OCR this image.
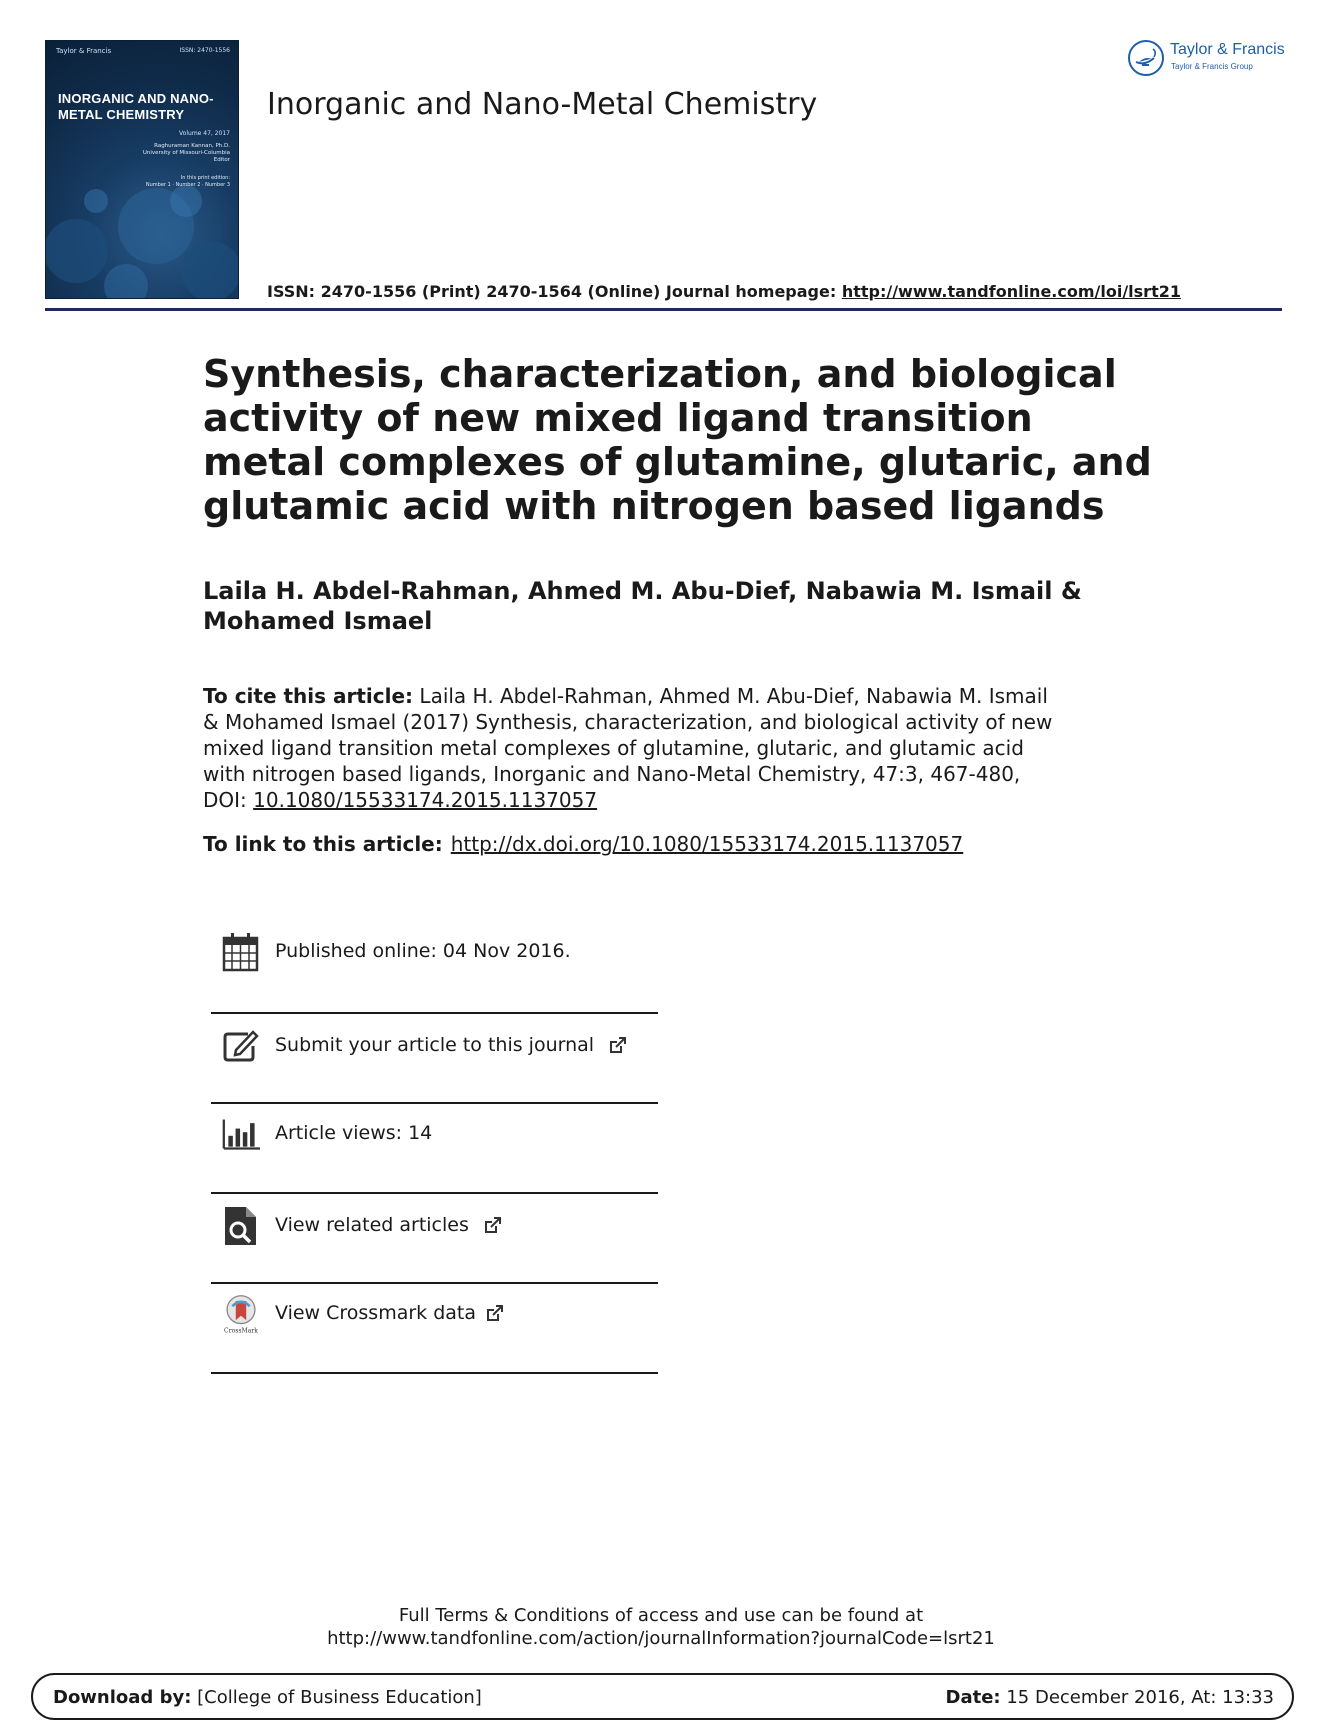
Taylor & Francis	ISSN: 2470-1556
INORGANIC AND NANO-METAL CHEMISTRY
Volume 47, 2017
Raghuraman Kannan, Ph.D.
University of Missouri-Columbia
Editor
In this print edition:
Number 1 · Number 2 · Number 3
Inorganic and Nano-Metal Chemistry
Taylor & Francis
Taylor & Francis Group
ISSN: 2470-1556 (Print) 2470-1564 (Online) Journal homepage: http://www.tandfonline.com/loi/lsrt21
Synthesis, characterization, and biological activity of new mixed ligand transition metal complexes of glutamine, glutaric, and glutamic acid with nitrogen based ligands
Laila H. Abdel-Rahman, Ahmed M. Abu-Dief, Nabawia M. Ismail & Mohamed Ismael
To cite this article: Laila H. Abdel-Rahman, Ahmed M. Abu-Dief, Nabawia M. Ismail & Mohamed Ismael (2017) Synthesis, characterization, and biological activity of new mixed ligand transition metal complexes of glutamine, glutaric, and glutamic acid with nitrogen based ligands, Inorganic and Nano-Metal Chemistry, 47:3, 467-480, DOI: 10.1080/15533174.2015.1137057
To link to this article: http://dx.doi.org/10.1080/15533174.2015.1137057
Published online: 04 Nov 2016.
Submit your article to this journal
Article views: 14
View related articles
CrossMark
View Crossmark data
Full Terms & Conditions of access and use can be found at
http://www.tandfonline.com/action/journalInformation?journalCode=lsrt21
Download by: [College of Business Education]	Date: 15 December 2016, At: 13:33
